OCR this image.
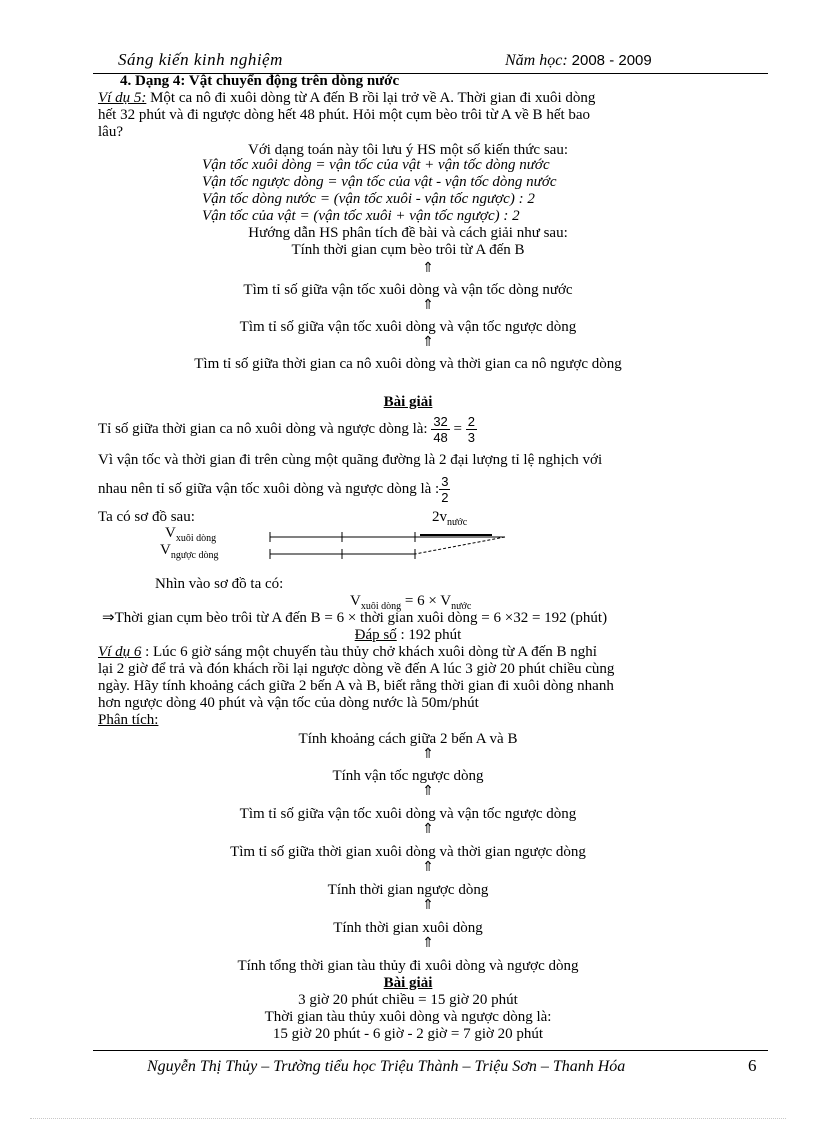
Sáng kiến kinh nghiệm	Năm học: 2008 - 2009
4. Dạng 4: Vật chuyển động trên dòng nước
Ví dụ 5: Một ca nô đi xuôi dòng từ A đến B rồi lại trở về A. Thời gian đi xuôi dòng
hết 32 phút và đi ngược dòng hết 48 phút. Hỏi một cụm bèo trôi từ A về B hết bao
lâu?
Với dạng toán này tôi lưu ý HS một số kiến thức sau:
Vận tốc xuôi dòng = vận tốc của vật + vận tốc dòng nước
Vận tốc ngược dòng = vận tốc của vật - vận tốc dòng nước
Vận tốc dòng nước = (vận tốc xuôi - vận tốc ngược) : 2
Vận tốc của vật = (vận tốc xuôi + vận tốc ngược) : 2
Hướng dẫn HS phân tích đề bài và cách giải như sau:
Tính thời gian cụm bèo trôi từ A đến B
⇑
Tìm tỉ số giữa vận tốc xuôi dòng và vận tốc dòng nước
⇑
Tìm tỉ số giữa vận tốc xuôi dòng và vận tốc ngược dòng
⇑
Tìm tỉ số giữa thời gian ca nô xuôi dòng và thời gian ca nô ngược dòng
Bài giải
Tỉ số giữa thời gian ca nô xuôi dòng và ngược dòng là: $\frac{32}{48} = \frac{2}{3}$
Vì vận tốc và thời gian đi trên cùng một quãng đường là 2 đại lượng tỉ lệ nghịch với
nhau nên tỉ số giữa vận tốc xuôi dòng và ngược dòng là : $\frac{3}{2}$
Ta có sơ đồ sau:	$2v_{nước}$
$V_{xuôi dòng}$
$V_{ngược dòng}$
Nhìn vào sơ đồ ta có:
$V_{xuôi dòng} = 6 \times V_{nước}$
⇒Thời gian cụm bèo trôi từ A đến B = 6 × thời gian xuôi dòng = 6 ×32 = 192 (phút)
Đáp số : 192 phút
Ví dụ 6 : Lúc 6 giờ sáng một chuyến tàu thủy chở khách xuôi dòng từ A đến B nghỉ
lại 2 giờ để trả và đón khách rồi lại ngược dòng về đến A lúc 3 giờ 20 phút chiều cùng
ngày. Hãy tính khoảng cách giữa 2 bến A và B, biết rằng thời gian đi xuôi dòng nhanh
hơn ngược dòng 40 phút và vận tốc của dòng nước là 50m/phút
Phân tích:
Tính khoảng cách giữa 2 bến A và B
⇑
Tính vận tốc ngược dòng
⇑
Tìm tỉ số giữa vận tốc xuôi dòng và vận tốc ngược dòng
⇑
Tìm tỉ số giữa thời gian xuôi dòng và thời gian ngược dòng
⇑
Tính thời gian ngược dòng
⇑
Tính thời gian xuôi dòng
⇑
Tính tổng thời gian tàu thủy đi xuôi dòng và ngược dòng
Bài giải
3 giờ 20 phút chiều = 15 giờ 20 phút
Thời gian tàu thủy xuôi dòng và ngược dòng là:
15 giờ 20 phút - 6 giờ - 2 giờ = 7 giờ 20 phút
Nguyễn Thị Thủy – Trường tiểu học Triệu Thành – Triệu Sơn – Thanh Hóa	6
